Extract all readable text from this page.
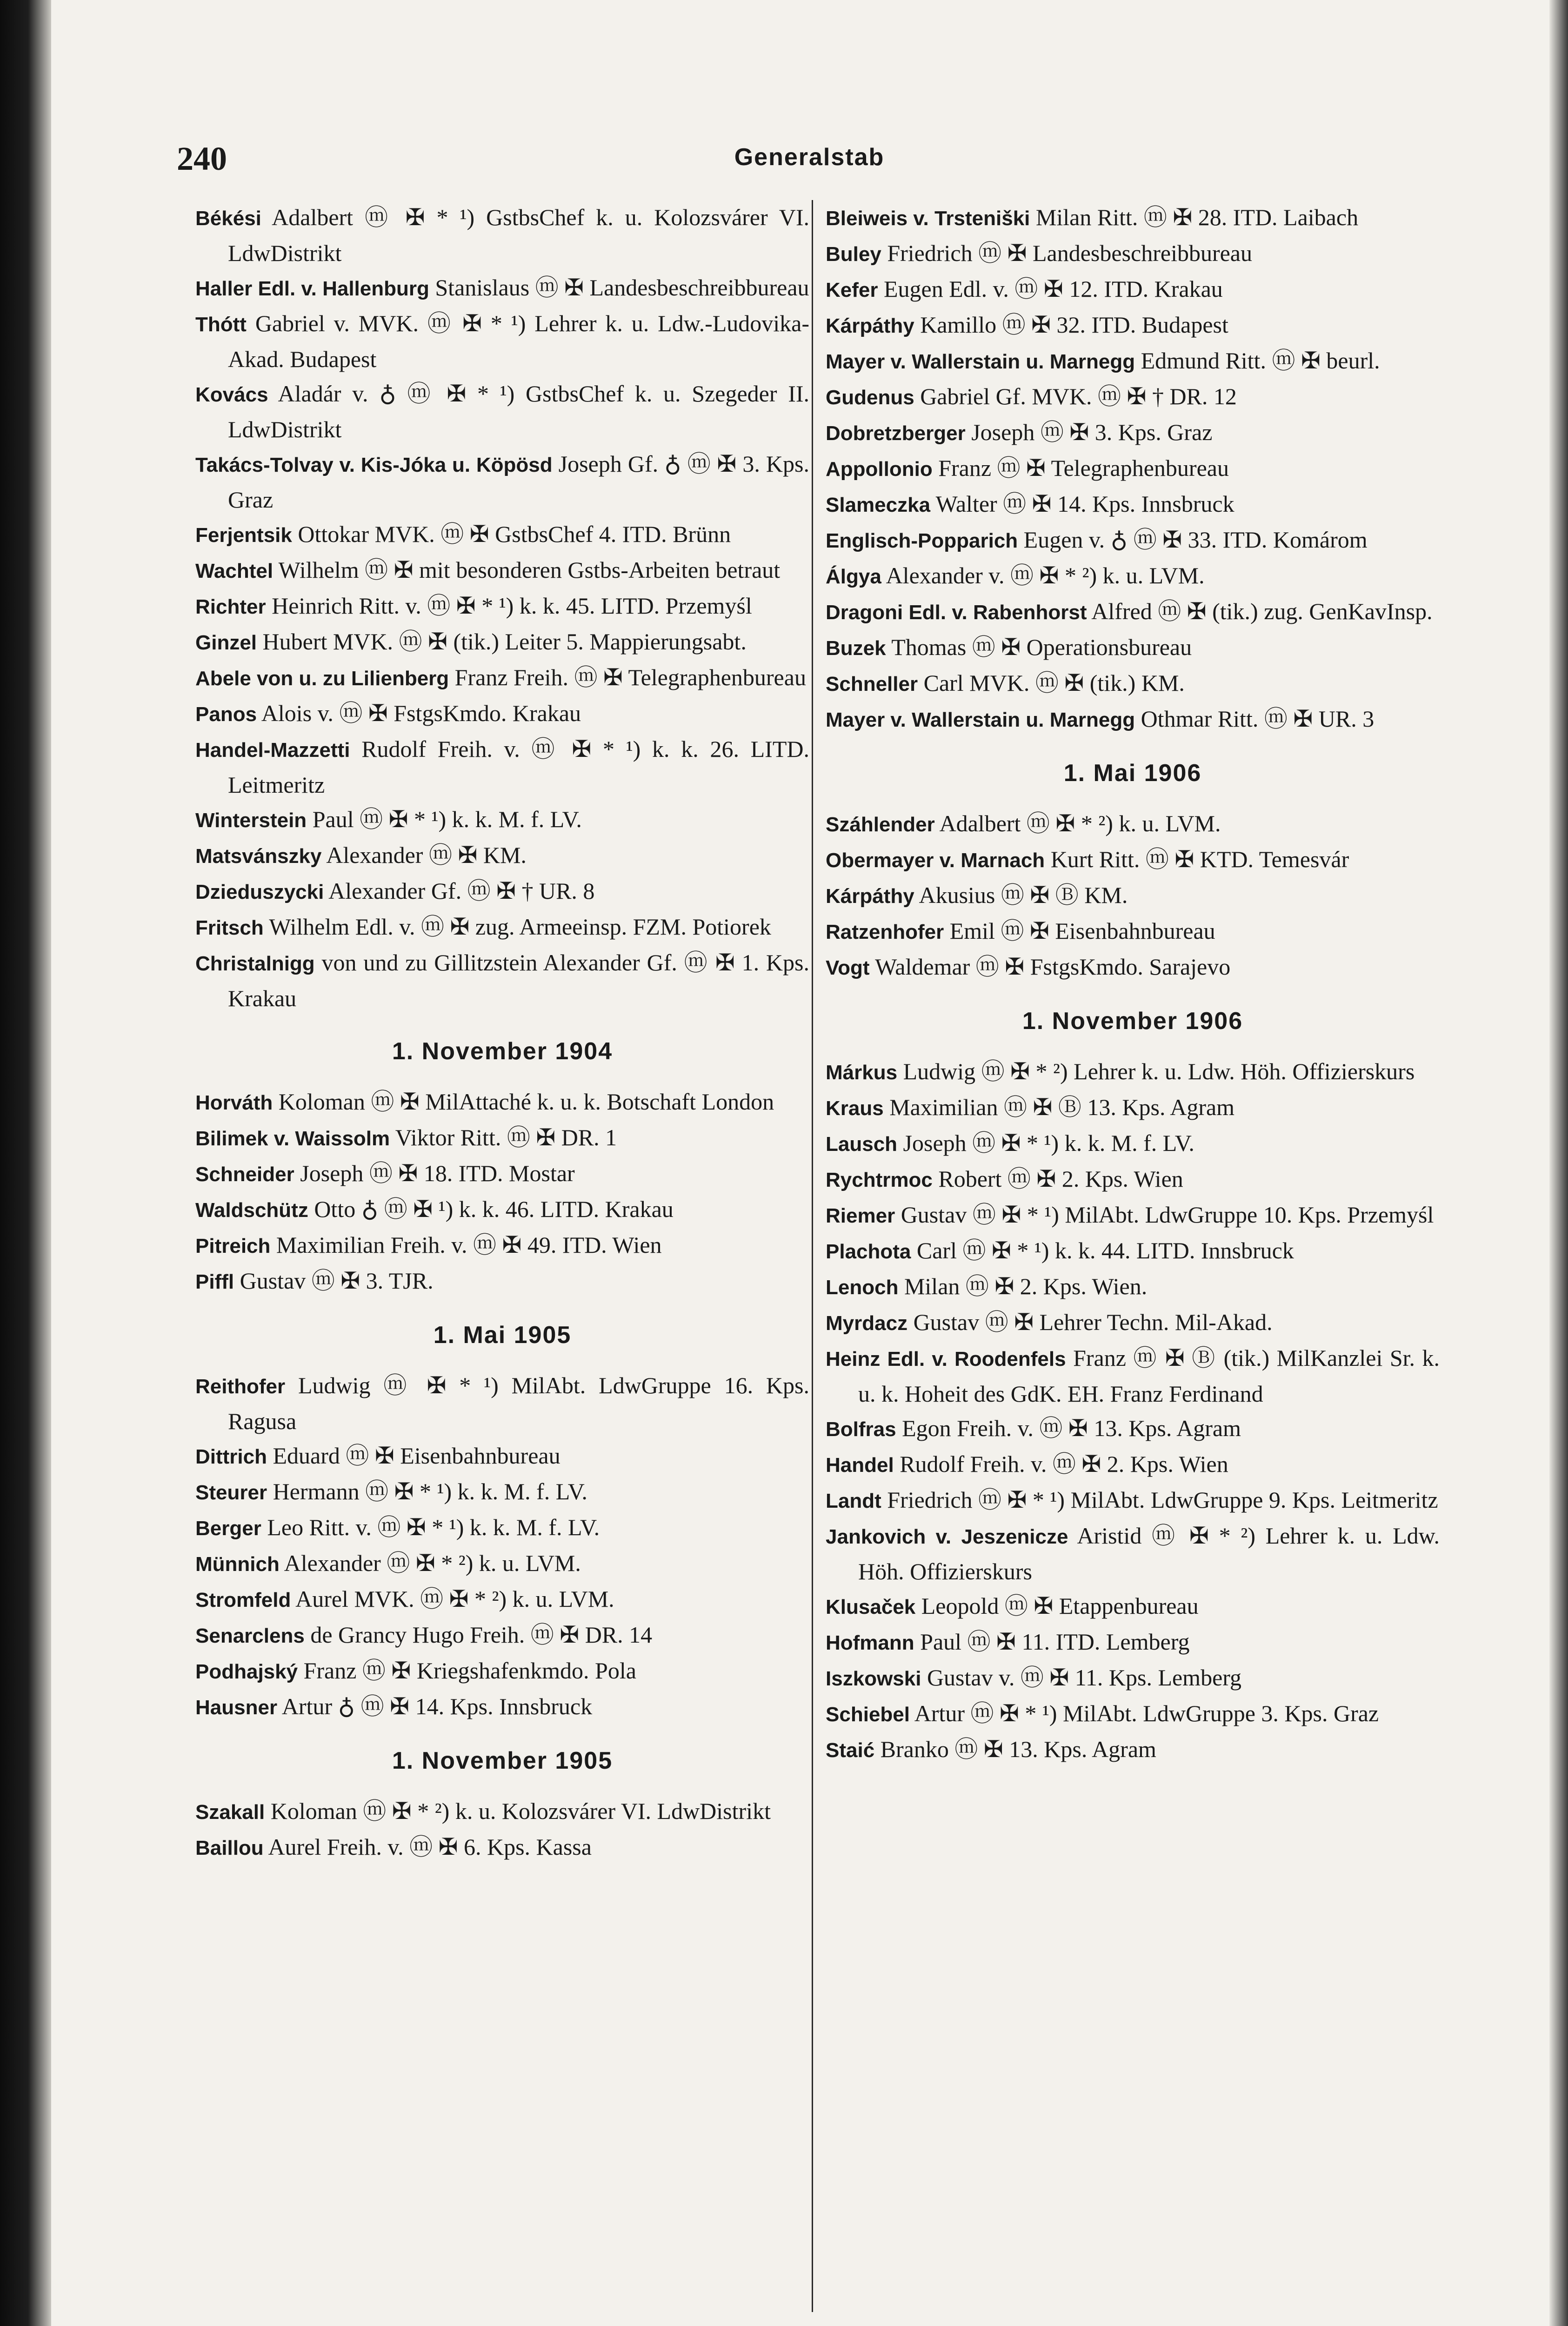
240	Generalstab
Békési Adalbert ⓜ ✠ * ¹) GstbsChef k. u. Kolozsvárer VI. LdwDistrikt
Haller Edl. v. Hallenburg Stanislaus ⓜ ✠ Landesbeschreibbureau
Thótt Gabriel v. MVK. ⓜ ✠ * ¹) Lehrer k. u. Ldw.-Ludovika-Akad. Budapest
Kovács Aladár v. ♁ ⓜ ✠ * ¹) GstbsChef k. u. Szegeder II. LdwDistrikt
Takács-Tolvay v. Kis-Jóka u. Köpösd Joseph Gf. ♁ ⓜ ✠ 3. Kps. Graz
Ferjentsik Ottokar MVK. ⓜ ✠ GstbsChef 4. ITD. Brünn
Wachtel Wilhelm ⓜ ✠ mit besonderen Gstbs-Arbeiten betraut
Richter Heinrich Ritt. v. ⓜ ✠ * ¹) k. k. 45. LITD. Przemyśl
Ginzel Hubert MVK. ⓜ ✠ (tik.) Leiter 5. Mappierungsabt.
Abele von u. zu Lilienberg Franz Freih. ⓜ ✠ Telegraphenbureau
Panos Alois v. ⓜ ✠ FstgsKmdo. Krakau
Handel-Mazzetti Rudolf Freih. v. ⓜ ✠ * ¹) k. k. 26. LITD. Leitmeritz
Winterstein Paul ⓜ ✠ * ¹) k. k. M. f. LV.
Matsvánszky Alexander ⓜ ✠ KM.
Dzieduszycki Alexander Gf. ⓜ ✠ † UR. 8
Fritsch Wilhelm Edl. v. ⓜ ✠ zug. Armeeinsp. FZM. Potiorek
Christalnigg von und zu Gillitzstein Alexander Gf. ⓜ ✠ 1. Kps. Krakau
1. November 1904
Horváth Koloman ⓜ ✠ MilAttaché k. u. k. Botschaft London
Bilimek v. Waissolm Viktor Ritt. ⓜ ✠ DR. 1
Schneider Joseph ⓜ ✠ 18. ITD. Mostar
Waldschütz Otto ♁ ⓜ ✠ ¹) k. k. 46. LITD. Krakau
Pitreich Maximilian Freih. v. ⓜ ✠ 49. ITD. Wien
Piffl Gustav ⓜ ✠ 3. TJR.
1. Mai 1905
Reithofer Ludwig ⓜ ✠ * ¹) MilAbt. LdwGruppe 16. Kps. Ragusa
Dittrich Eduard ⓜ ✠ Eisenbahnbureau
Steurer Hermann ⓜ ✠ * ¹) k. k. M. f. LV.
Berger Leo Ritt. v. ⓜ ✠ * ¹) k. k. M. f. LV.
Münnich Alexander ⓜ ✠ * ²) k. u. LVM.
Stromfeld Aurel MVK. ⓜ ✠ * ²) k. u. LVM.
Senarclens de Grancy Hugo Freih. ⓜ ✠ DR. 14
Podhajský Franz ⓜ ✠ Kriegshafenkmdo. Pola
Hausner Artur ♁ ⓜ ✠ 14. Kps. Innsbruck
1. November 1905
Szakall Koloman ⓜ ✠ * ²) k. u. Kolozsvárer VI. LdwDistrikt
Baillou Aurel Freih. v. ⓜ ✠ 6. Kps. Kassa
Bleiweis v. Trsteniški Milan Ritt. ⓜ ✠ 28. ITD. Laibach
Buley Friedrich ⓜ ✠ Landesbeschreibbureau
Kefer Eugen Edl. v. ⓜ ✠ 12. ITD. Krakau
Kárpáthy Kamillo ⓜ ✠ 32. ITD. Budapest
Mayer v. Wallerstain u. Marnegg Edmund Ritt. ⓜ ✠ beurl.
Gudenus Gabriel Gf. MVK. ⓜ ✠ † DR. 12
Dobretzberger Joseph ⓜ ✠ 3. Kps. Graz
Appollonio Franz ⓜ ✠ Telegraphenbureau
Slameczka Walter ⓜ ✠ 14. Kps. Innsbruck
Englisch-Popparich Eugen v. ♁ ⓜ ✠ 33. ITD. Komárom
Álgya Alexander v. ⓜ ✠ * ²) k. u. LVM.
Dragoni Edl. v. Rabenhorst Alfred ⓜ ✠ (tik.) zug. GenKavInsp.
Buzek Thomas ⓜ ✠ Operationsbureau
Schneller Carl MVK. ⓜ ✠ (tik.) KM.
Mayer v. Wallerstain u. Marnegg Othmar Ritt. ⓜ ✠ UR. 3
1. Mai 1906
Száhlender Adalbert ⓜ ✠ * ²) k. u. LVM.
Obermayer v. Marnach Kurt Ritt. ⓜ ✠ KTD. Temesvár
Kárpáthy Akusius ⓜ ✠ Ⓑ KM.
Ratzenhofer Emil ⓜ ✠ Eisenbahnbureau
Vogt Waldemar ⓜ ✠ FstgsKmdo. Sarajevo
1. November 1906
Márkus Ludwig ⓜ ✠ * ²) Lehrer k. u. Ldw. Höh. Offizierskurs
Kraus Maximilian ⓜ ✠ Ⓑ 13. Kps. Agram
Lausch Joseph ⓜ ✠ * ¹) k. k. M. f. LV.
Rychtrmoc Robert ⓜ ✠ 2. Kps. Wien
Riemer Gustav ⓜ ✠ * ¹) MilAbt. LdwGruppe 10. Kps. Przemyśl
Plachota Carl ⓜ ✠ * ¹) k. k. 44. LITD. Innsbruck
Lenoch Milan ⓜ ✠ 2. Kps. Wien.
Myrdacz Gustav ⓜ ✠ Lehrer Techn. Mil-Akad.
Heinz Edl. v. Roodenfels Franz ⓜ ✠ Ⓑ (tik.) MilKanzlei Sr. k. u. k. Hoheit des GdK. EH. Franz Ferdinand
Bolfras Egon Freih. v. ⓜ ✠ 13. Kps. Agram
Handel Rudolf Freih. v. ⓜ ✠ 2. Kps. Wien
Landt Friedrich ⓜ ✠ * ¹) MilAbt. LdwGruppe 9. Kps. Leitmeritz
Jankovich v. Jeszenicze Aristid ⓜ ✠ * ²) Lehrer k. u. Ldw. Höh. Offizierskurs
Klusaček Leopold ⓜ ✠ Etappenbureau
Hofmann Paul ⓜ ✠ 11. ITD. Lemberg
Iszkowski Gustav v. ⓜ ✠ 11. Kps. Lemberg
Schiebel Artur ⓜ ✠ * ¹) MilAbt. LdwGruppe 3. Kps. Graz
Staić Branko ⓜ ✠ 13. Kps. Agram
